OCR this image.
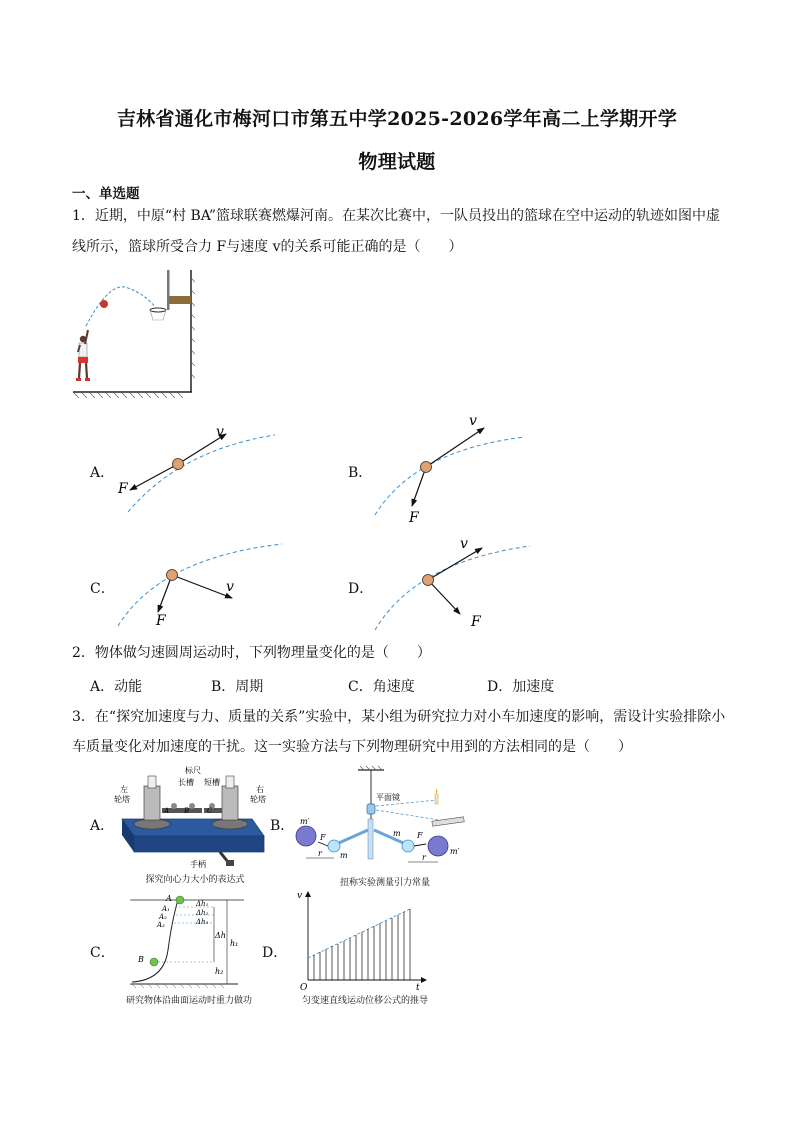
吉林省通化市梅河口市第五中学2025-2026学年高二上学期开学
物理试题
一、单选题
1．近期，中原“村 BA”篮球联赛燃爆河南。在某次比赛中，一队员投出的篮球在空中运动的轨迹如图中虚
线所示，篮球所受合力 F与速度 v的关系可能正确的是（　　）
A．
v
F
B．
v
F
C．	v
F
D．
v
F
2．物体做匀速圆周运动时，下列物理量变化的是（　　）
A．动能	B．周期	C．角速度	D．加速度
3．在“探究加速度与力、质量的关系”实验中，某小组为研究拉力对小车加速度的影响，需设计实验排除小
车质量变化对加速度的干扰。这一实验方法与下列物理研究中用到的方法相同的是（　　）
A．
标尺
长槽 短槽
左
轮塔
右
轮塔
手柄
A B	C
探究向心力大小的表达式
B．
平面镜
m′
m′
m
m
F	F
r	r
扭称实验测量引力常量
C．
A
A₁
A₂
A₃
B
Δh₁
Δh₂
Δh₃
Δh
h₁
h₂
研究物体沿曲面运动时重力做功
D．
v
t
O
匀变速直线运动位移公式的推导
